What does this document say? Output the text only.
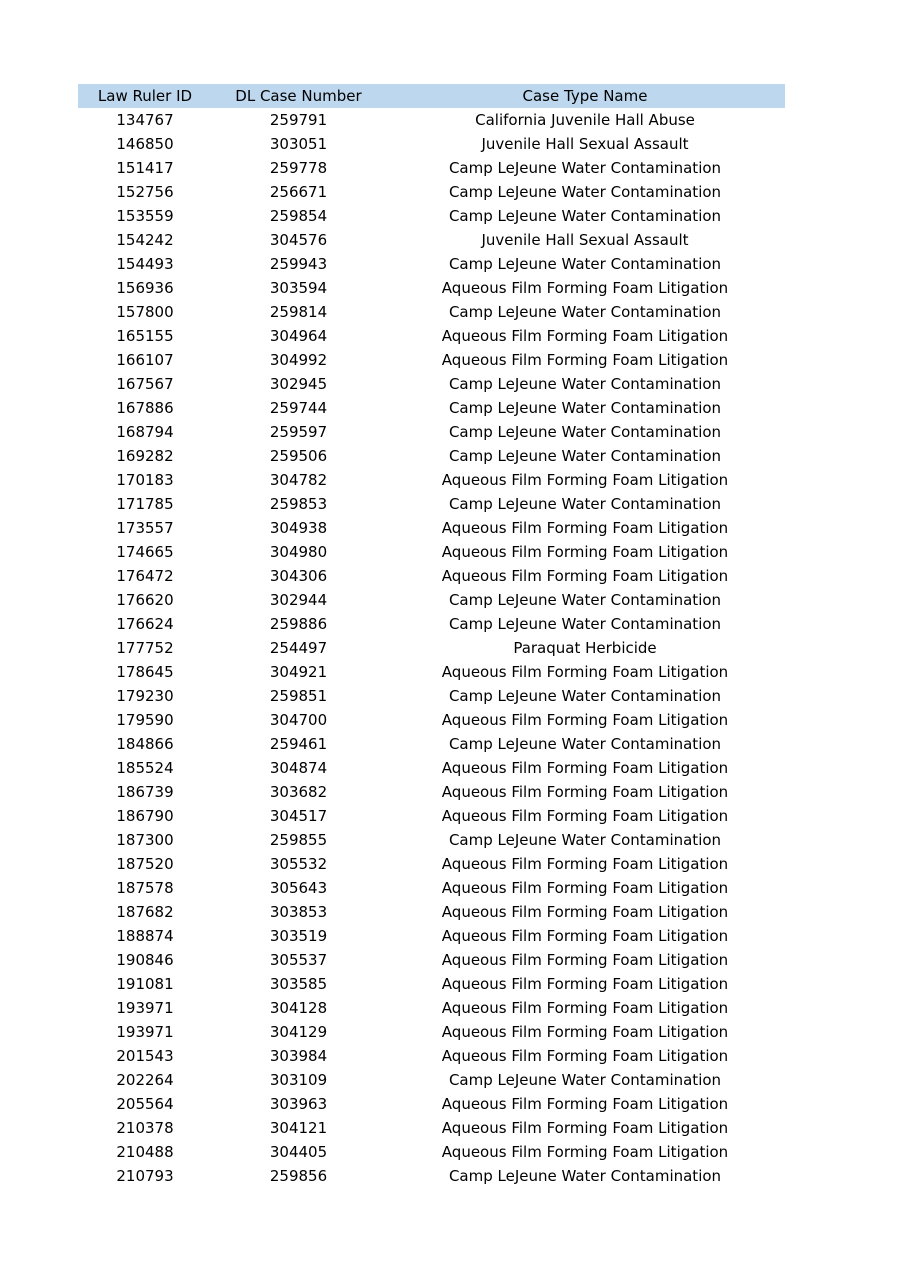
Law Ruler ID	DL Case Number	Case Type Name
134767	259791	California Juvenile Hall Abuse
146850	303051	Juvenile Hall Sexual Assault
151417	259778	Camp LeJeune Water Contamination
152756	256671	Camp LeJeune Water Contamination
153559	259854	Camp LeJeune Water Contamination
154242	304576	Juvenile Hall Sexual Assault
154493	259943	Camp LeJeune Water Contamination
156936	303594	Aqueous Film Forming Foam Litigation
157800	259814	Camp LeJeune Water Contamination
165155	304964	Aqueous Film Forming Foam Litigation
166107	304992	Aqueous Film Forming Foam Litigation
167567	302945	Camp LeJeune Water Contamination
167886	259744	Camp LeJeune Water Contamination
168794	259597	Camp LeJeune Water Contamination
169282	259506	Camp LeJeune Water Contamination
170183	304782	Aqueous Film Forming Foam Litigation
171785	259853	Camp LeJeune Water Contamination
173557	304938	Aqueous Film Forming Foam Litigation
174665	304980	Aqueous Film Forming Foam Litigation
176472	304306	Aqueous Film Forming Foam Litigation
176620	302944	Camp LeJeune Water Contamination
176624	259886	Camp LeJeune Water Contamination
177752	254497	Paraquat Herbicide
178645	304921	Aqueous Film Forming Foam Litigation
179230	259851	Camp LeJeune Water Contamination
179590	304700	Aqueous Film Forming Foam Litigation
184866	259461	Camp LeJeune Water Contamination
185524	304874	Aqueous Film Forming Foam Litigation
186739	303682	Aqueous Film Forming Foam Litigation
186790	304517	Aqueous Film Forming Foam Litigation
187300	259855	Camp LeJeune Water Contamination
187520	305532	Aqueous Film Forming Foam Litigation
187578	305643	Aqueous Film Forming Foam Litigation
187682	303853	Aqueous Film Forming Foam Litigation
188874	303519	Aqueous Film Forming Foam Litigation
190846	305537	Aqueous Film Forming Foam Litigation
191081	303585	Aqueous Film Forming Foam Litigation
193971	304128	Aqueous Film Forming Foam Litigation
193971	304129	Aqueous Film Forming Foam Litigation
201543	303984	Aqueous Film Forming Foam Litigation
202264	303109	Camp LeJeune Water Contamination
205564	303963	Aqueous Film Forming Foam Litigation
210378	304121	Aqueous Film Forming Foam Litigation
210488	304405	Aqueous Film Forming Foam Litigation
210793	259856	Camp LeJeune Water Contamination
